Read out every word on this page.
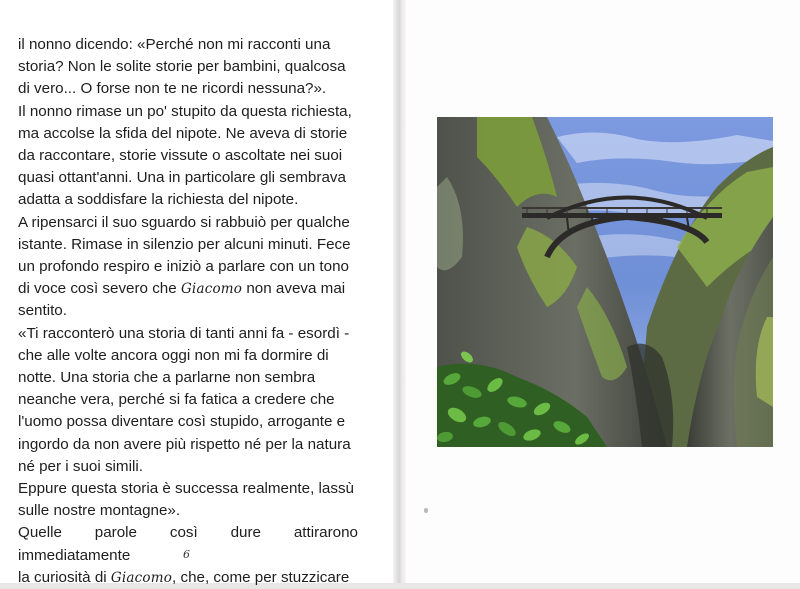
il nonno dicendo: «Perché non mi racconti una

storia? Non le solite storie per bambini, qualcosa

di vero... O forse non te ne ricordi nessuna?».

Il nonno rimase un po' stupito da questa richiesta,

ma accolse la sfida del nipote. Ne aveva di storie

da raccontare, storie vissute o ascoltate nei suoi

quasi ottant'anni. Una in particolare gli sembrava

adatta a soddisfare la richiesta del nipote.

A ripensarci il suo sguardo si rabbuiò per qualche

istante. Rimase in silenzio per alcuni minuti. Fece

un profondo respiro e iniziò a parlare con un tono

di voce così severo che Giacomo non aveva mai

sentito.

«Ti racconterò una storia di tanti anni fa - esordì -

che alle volte ancora oggi non mi fa dormire di

notte. Una storia che a parlarne non sembra

neanche vera, perché si fa fatica a credere che

l'uomo possa diventare così stupido, arrogante e

ingordo da non avere più rispetto né per la natura

né per i suoi simili.

Eppure questa storia è successa realmente, lassù

sulle nostre montagne».

Quelle parole così dure attirarono immediatamente

la curiosità di Giacomo, che, come per stuzzicare

6
